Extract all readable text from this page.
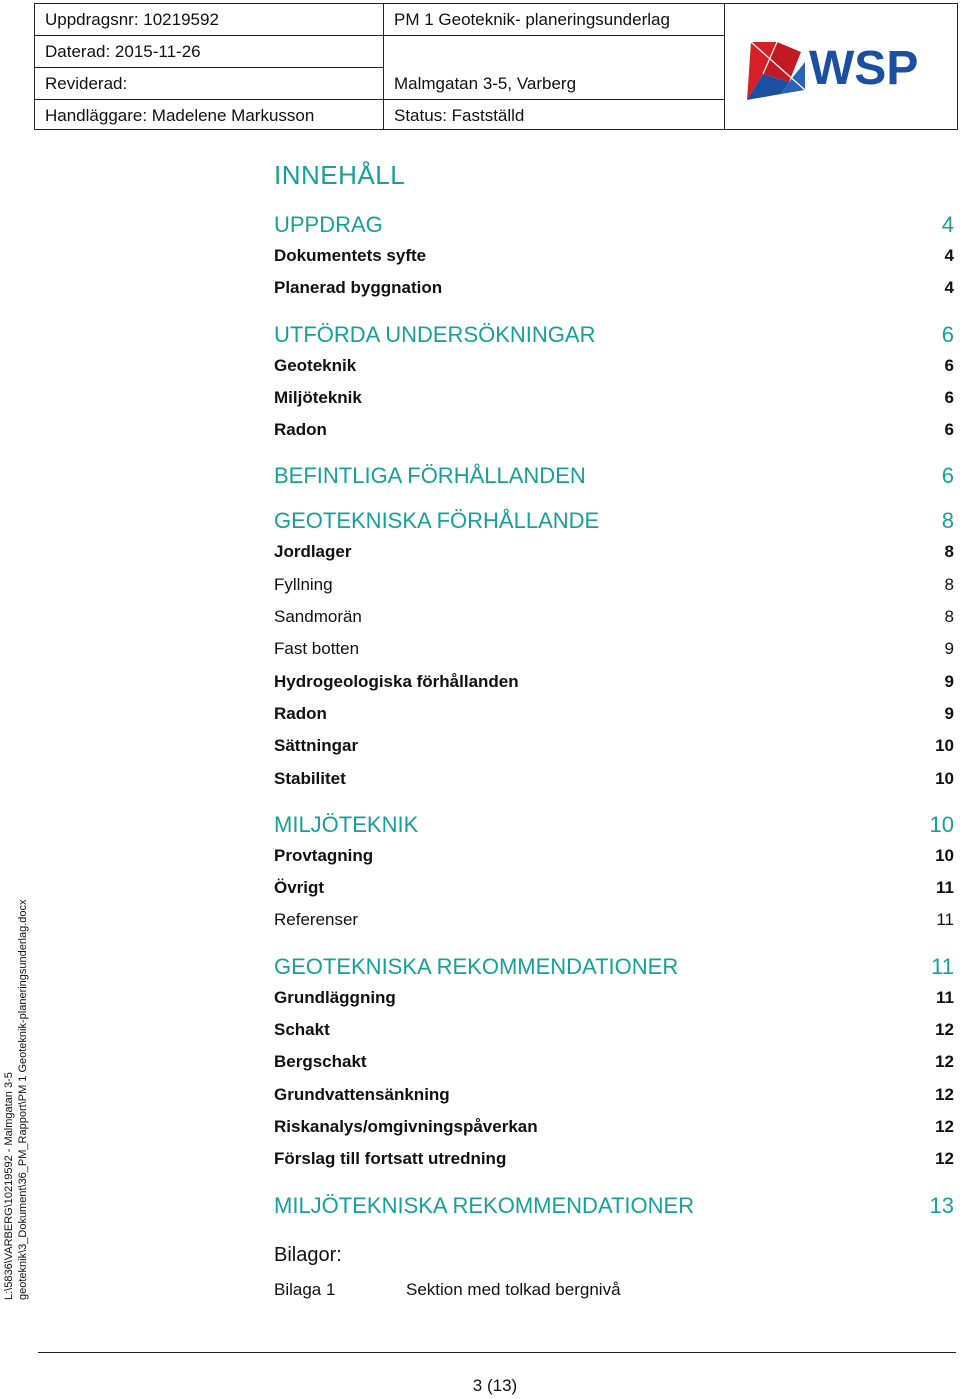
Uppdragsnr: 10219592
Daterad: 2015-11-26
Reviderad:
Handläggare: Madelene Markusson
PM 1 Geoteknik- planeringsunderlag
Malmgatan 3-5, Varberg
Status: Fastställd
WSP
INNEHÅLL
UPPDRAG	4
Dokumentets syfte	4
Planerad byggnation	4
UTFÖRDA UNDERSÖKNINGAR	6
Geoteknik	6
Miljöteknik	6
Radon	6
BEFINTLIGA FÖRHÅLLANDEN	6
GEOTEKNISKA FÖRHÅLLANDE	8
Jordlager	8
Fyllning	8
Sandmorän	8
Fast botten	9
Hydrogeologiska förhållanden	9
Radon	9
Sättningar	10
Stabilitet	10
MILJÖTEKNIK	10
Provtagning	10
Övrigt	11
Referenser	11
GEOTEKNISKA REKOMMENDATIONER	11
Grundläggning	11
Schakt	12
Bergschakt	12
Grundvattensänkning	12
Riskanalys/omgivningspåverkan	12
Förslag till fortsatt utredning	12
MILJÖTEKNISKA REKOMMENDATIONER	13
Bilagor:
Bilaga 1	Sektion med tolkad bergnivå
L:\5836\VARBERG\10219592 - Malmgatan 3-5 geoteknik\3_Dokument\36_PM_Rapport\PM 1 Geoteknik-planeringsunderlag.docx
3 (13)
